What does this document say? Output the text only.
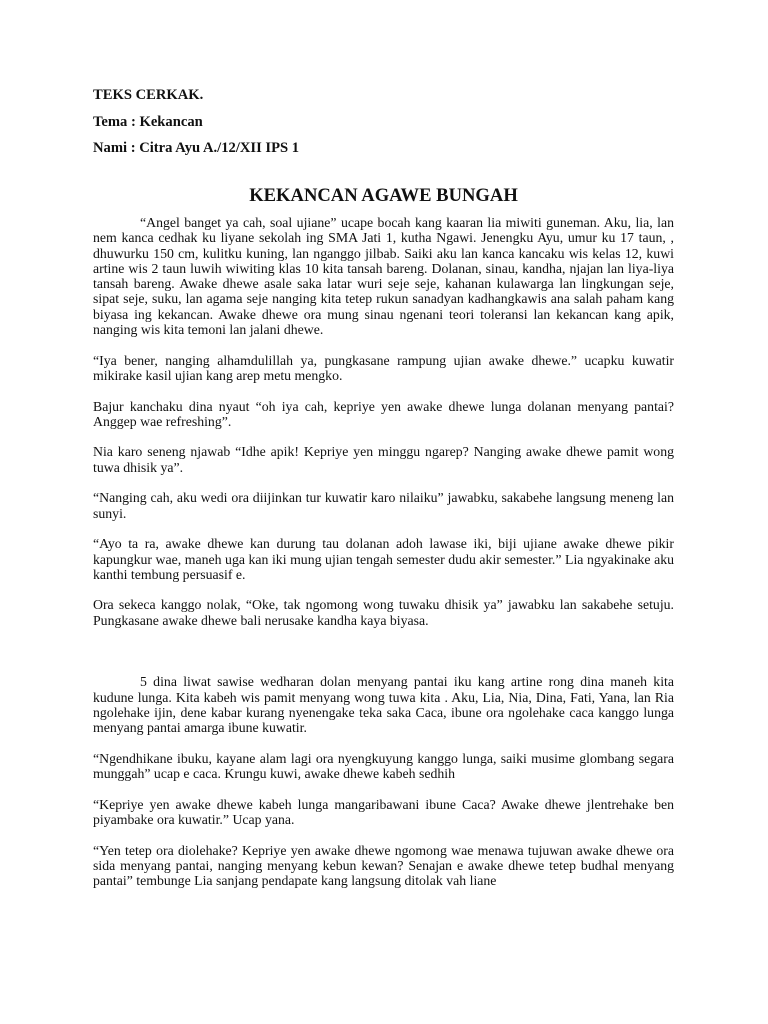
TEKS CERKAK.
Tema : Kekancan
Nami : Citra Ayu A./12/XII IPS 1
KEKANCAN AGAWE BUNGAH

“Angel banget ya cah, soal ujiane” ucape bocah kang kaaran lia miwiti guneman. Aku, lia, lan nem kanca cedhak ku liyane sekolah ing SMA Jati 1, kutha Ngawi. Jenengku Ayu, umur ku 17 taun, , dhuwurku 150 cm, kulitku kuning, lan nganggo jilbab. Saiki aku lan kanca kancaku wis kelas 12, kuwi artine wis 2 taun luwih wiwiting klas 10 kita tansah bareng. Dolanan, sinau, kandha, njajan lan liya-liya tansah bareng. Awake dhewe asale saka latar wuri seje seje, kahanan kulawarga lan lingkungan seje, sipat seje, suku, lan agama seje nanging kita tetep rukun sanadyan kadhangkawis ana salah paham kang biyasa ing kekancan. Awake dhewe ora mung sinau ngenani teori toleransi lan kekancan kang apik, nanging wis kita temoni lan jalani dhewe.

“Iya bener, nanging alhamdulillah ya, pungkasane rampung ujian awake dhewe.” ucapku kuwatir mikirake kasil ujian kang arep metu mengko.

Bajur kanchaku dina nyaut “oh iya cah, kepriye yen awake dhewe lunga dolanan menyang pantai? Anggep wae refreshing”.

Nia karo seneng njawab “Idhe apik! Kepriye yen minggu ngarep? Nanging awake dhewe pamit wong tuwa dhisik ya”.

“Nanging cah, aku wedi ora diijinkan tur kuwatir karo nilaiku” jawabku, sakabehe langsung meneng lan sunyi.

“Ayo ta ra, awake dhewe kan durung tau dolanan adoh lawase iki, biji ujiane awake dhewe pikir kapungkur wae, maneh uga kan iki mung ujian tengah semester dudu akir semester.” Lia ngyakinake aku kanthi tembung persuasif e.

Ora sekeca kanggo nolak, “Oke, tak ngomong wong tuwaku dhisik ya” jawabku lan sakabehe setuju. Pungkasane awake dhewe bali nerusake kandha kaya biyasa.

5 dina liwat sawise wedharan dolan menyang pantai iku kang artine rong dina maneh kita kudune lunga. Kita kabeh wis pamit menyang wong tuwa kita . Aku, Lia, Nia, Dina, Fati, Yana, lan Ria ngolehake ijin, dene kabar kurang nyenengake teka saka Caca, ibune ora ngolehake caca kanggo lunga menyang pantai amarga ibune kuwatir.

“Ngendhikane ibuku, kayane alam lagi ora nyengkuyung kanggo lunga, saiki musime glombang segara munggah” ucap e caca. Krungu kuwi, awake dhewe kabeh sedhih

“Kepriye yen awake dhewe kabeh lunga mangaribawani ibune Caca? Awake dhewe jlentrehake ben piyambake ora kuwatir.” Ucap yana.

“Yen tetep ora diolehake? Kepriye yen awake dhewe ngomong wae menawa tujuwan awake dhewe ora sida menyang pantai, nanging menyang kebun kewan? Senajan e awake dhewe tetep budhal menyang pantai” tembunge Lia sanjang pendapate kang langsung ditolak vah liane
